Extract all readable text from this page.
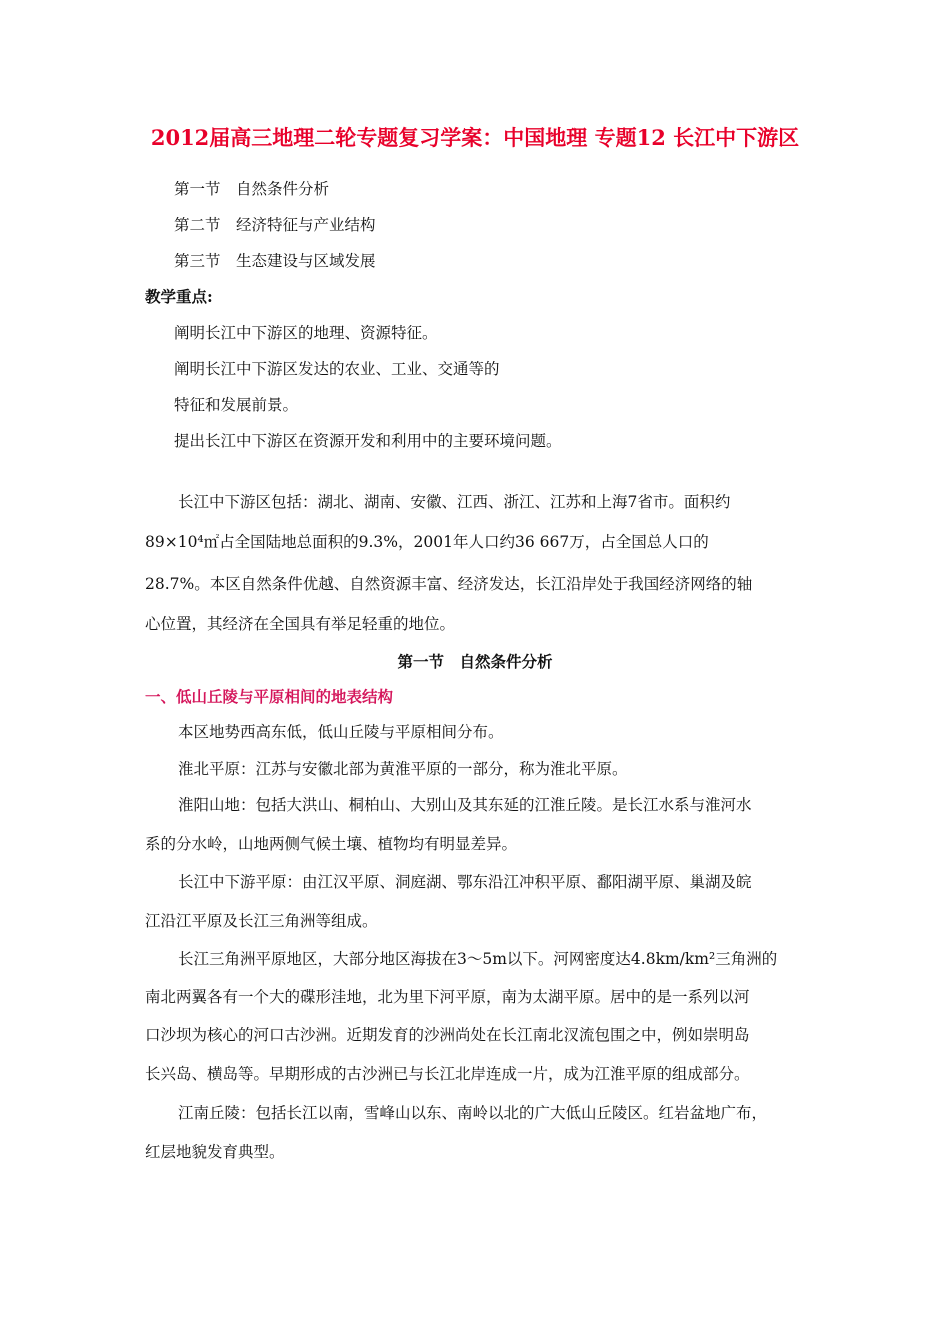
2012届高三地理二轮专题复习学案：中国地理 专题12 长江中下游区
第一节　自然条件分析
第二节　经济特征与产业结构
第三节　生态建设与区域发展
教学重点:
阐明长江中下游区的地理、资源特征。
阐明长江中下游区发达的农业、工业、交通等的
特征和发展前景。
提出长江中下游区在资源开发和利用中的主要环境问题。
长江中下游区包括：湖北、湖南、安徽、江西、浙江、江苏和上海7省市。面积约
89×10⁴㎡占全国陆地总面积的9.3%，2001年人口约36 667万，占全国总人口的
28.7%。本区自然条件优越、自然资源丰富、经济发达，长江沿岸处于我国经济网络的轴
心位置，其经济在全国具有举足轻重的地位。
第一节　自然条件分析
一、低山丘陵与平原相间的地表结构
本区地势西高东低，低山丘陵与平原相间分布。
淮北平原：江苏与安徽北部为黄淮平原的一部分，称为淮北平原。
淮阳山地：包括大洪山、桐柏山、大别山及其东延的江淮丘陵。是长江水系与淮河水
系的分水岭，山地两侧气候土壤、植物均有明显差异。
长江中下游平原：由江汉平原、洞庭湖、鄂东沿江冲积平原、鄱阳湖平原、巢湖及皖
江沿江平原及长江三角洲等组成。
长江三角洲平原地区，大部分地区海拔在3～5m以下。河网密度达4.8km/km²三角洲的
南北两翼各有一个大的碟形洼地，北为里下河平原，南为太湖平原。居中的是一系列以河
口沙坝为核心的河口古沙洲。近期发育的沙洲尚处在长江南北汊流包围之中，例如崇明岛
长兴岛、横岛等。早期形成的古沙洲已与长江北岸连成一片，成为江淮平原的组成部分。
江南丘陵：包括长江以南，雪峰山以东、南岭以北的广大低山丘陵区。红岩盆地广布，
红层地貌发育典型。
